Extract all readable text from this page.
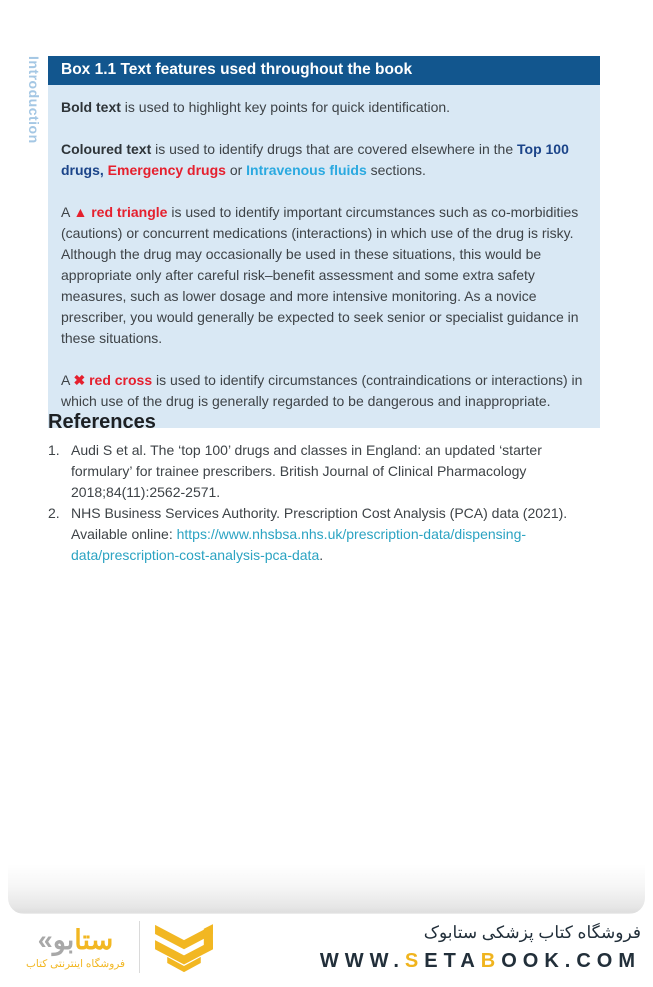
Introduction	Box 1.1 Text features used throughout the book

Bold text is used to highlight key points for quick identification.

Coloured text is used to identify drugs that are covered elsewhere in the Top 100 drugs, Emergency drugs or Intravenous fluids sections.

A ▲ red triangle is used to identify important circumstances such as co-morbidities (cautions) or concurrent medications (interactions) in which use of the drug is risky. Although the drug may occasionally be used in these situations, this would be appropriate only after careful risk–benefit assessment and some extra safety measures, such as lower dosage and more intensive monitoring. As a novice prescriber, you would generally be expected to seek senior or specialist guidance in these situations.

A ✖ red cross is used to identify circumstances (contraindications or interactions) in which use of the drug is generally regarded to be dangerous and inappropriate.

References
1. Audi S et al. The ‘top 100’ drugs and classes in England: an updated ‘starter formulary’ for trainee prescribers. British Journal of Clinical Pharmacology 2018;84(11):2562-2571.
2. NHS Business Services Authority. Prescription Cost Analysis (PCA) data (2021). Available online: https://www.nhsbsa.nhs.uk/prescription-data/dispensing-data/prescription-cost-analysis-pca-data.
ستابو«
فروشگاه اینترنتی کتاب
فروشگاه کتاب پزشکی ستابوک
WWW.SETABOOK.COM
